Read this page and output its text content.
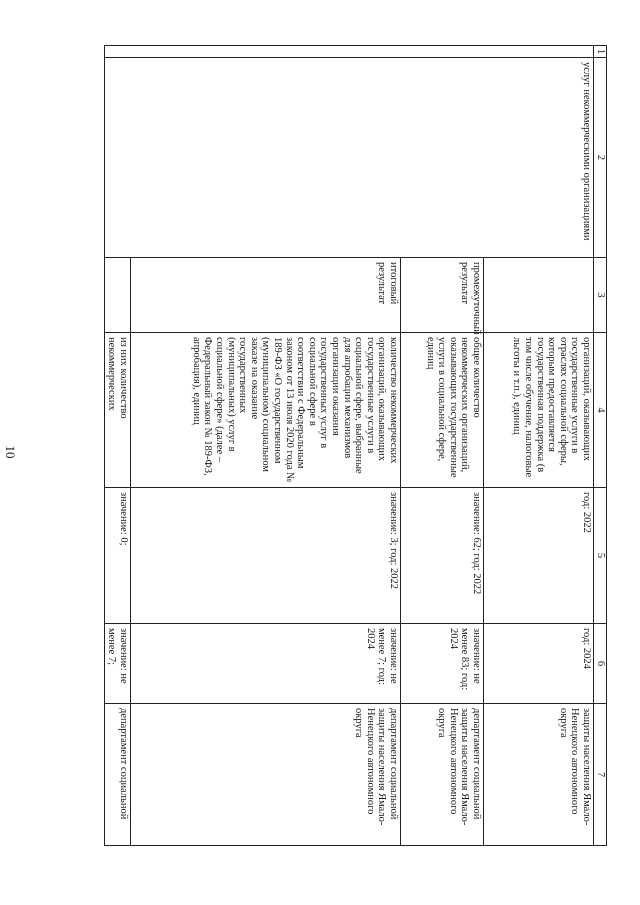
10
1	2	3	4	5	6	7
	услуг некоммерческими организациями		организаций, оказывающих государственные услуги в отраслях социальной сферы, которым предоставляется государственная поддержка (в том числе обучение, налоговые льготы и т.п.), единиц	год: 2022	год: 2024	защиты населения Ямало-Ненецкого автономного округа
		промежуточный результат	общее количество некоммерческих организаций, оказывающих государственные услуги в социальной сфере, единиц	значение: 62; год: 2022	значение: не менее 83; год: 2024	департамент социальной защиты населения Ямало-Ненецкого автономного округа
		итоговый результат	количество некоммерческих организаций, оказывающих государственные услуги в социальной сфере, выбранные для апробации механизмов организации оказания государственных услуг в социальной сфере в соответствии с Федеральным законом от 13 июля 2020 года № 189-ФЗ «О государственном (муниципальном) социальном заказе на оказание государственных (муниципальных) услуг в социальной сфере» (далее – Федеральный закон № 189-ФЗ, апробация), единиц	значение: 3; год: 2022	значение: не менее 7; год: 2024	департамент социальной защиты населения Ямало-Ненецкого автономного округа
			из них количество некоммерческих	значение: 0;	значение: не менее 7;	департамент социальной
